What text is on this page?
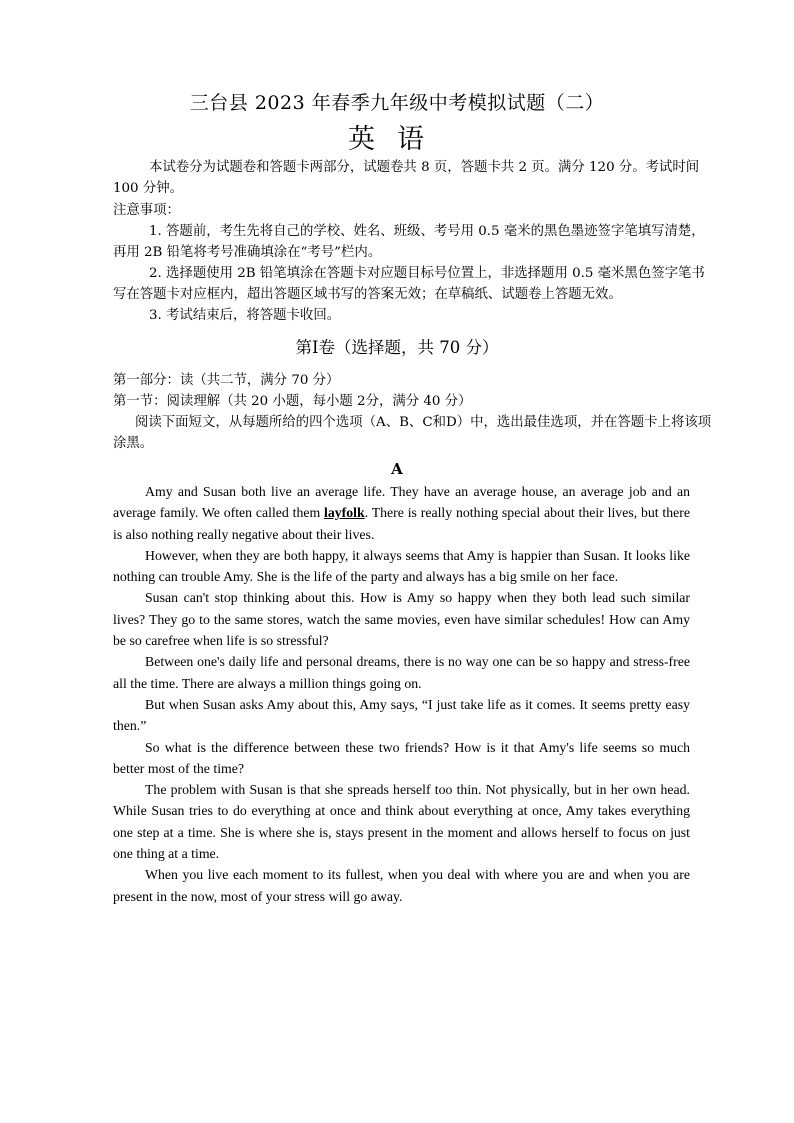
三台县 2023 年春季九年级中考模拟试题（二）
英语
本试卷分为试题卷和答题卡两部分，试题卷共 8 页，答题卡共 2 页。满分 120 分。考试时间 100 分钟。
注意事项：

1. 答题前，考生先将自己的学校、姓名、班级、考号用 0.5 毫米的黑色墨迹签字笔填写清楚，再用 2B 铅笔将考号准确填涂在“考号”栏内。

2. 选择题使用 2B 铅笔填涂在答题卡对应题目标号位置上，非选择题用 0.5 毫米黑色签字笔书写在答题卡对应框内，超出答题区域书写的答案无效；在草稿纸、试题卷上答题无效。

3. 考试结束后，将答题卡收回。

第Ⅰ卷（选择题，共 70 分）

第一部分：读（共二节，满分 70 分）

第一节：阅读理解（共 20 小题，每小题 2分，满分 40 分）

阅读下面短文，从每题所给的四个选项（A、B、C和D）中，选出最佳选项，并在答题卡上将该项涂黑。

A

Amy and Susan both live an average life. They have an average house, an average job and an average family. We often called them layfolk. There is really nothing special about their lives, but there is also nothing really negative about their lives.

However, when they are both happy, it always seems that Amy is happier than Susan. It looks like nothing can trouble Amy. She is the life of the party and always has a big smile on her face.

Susan can't stop thinking about this. How is Amy so happy when they both lead such similar lives? They go to the same stores, watch the same movies, even have similar schedules! How can Amy be so carefree when life is so stressful?

Between one's daily life and personal dreams, there is no way one can be so happy and stress-free all the time. There are always a million things going on.

But when Susan asks Amy about this, Amy says, “I just take life as it comes. It seems pretty easy then.”

So what is the difference between these two friends? How is it that Amy's life seems so much better most of the time?

The problem with Susan is that she spreads herself too thin. Not physically, but in her own head. While Susan tries to do everything at once and think about everything at once, Amy takes everything one step at a time. She is where she is, stays present in the moment and allows herself to focus on just one thing at a time.

When you live each moment to its fullest, when you deal with where you are and when you are present in the now, most of your stress will go away.
